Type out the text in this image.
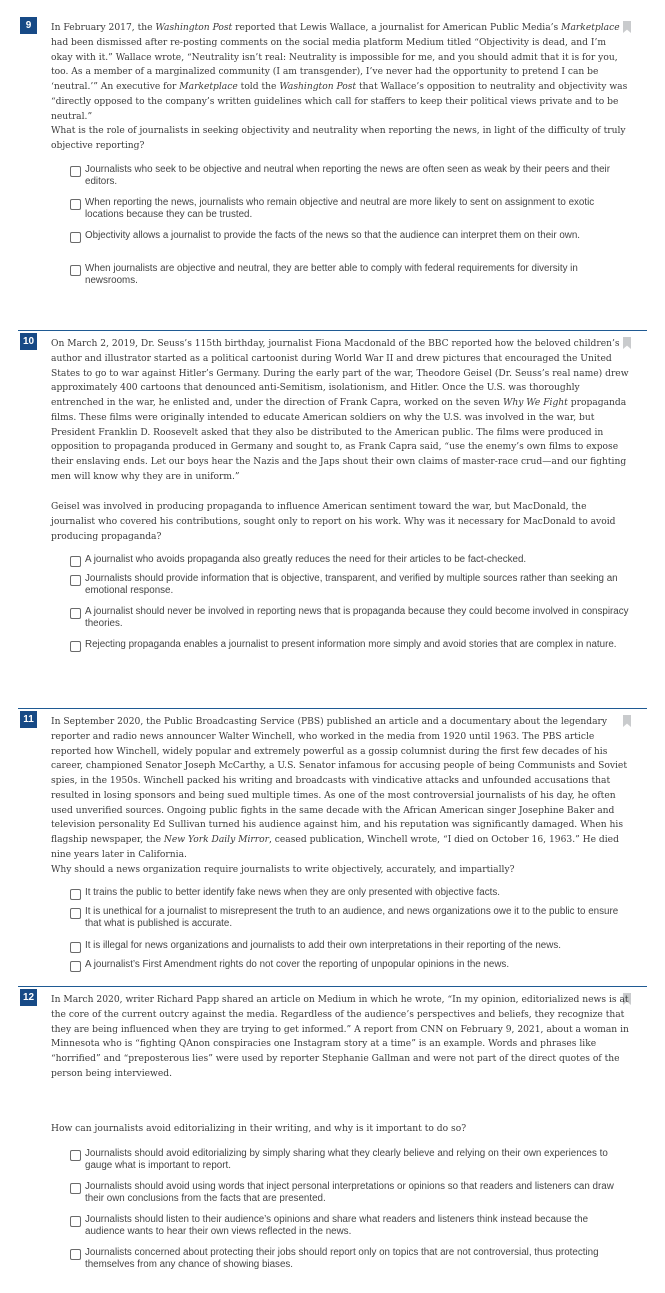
9	In February 2017, the Washington Post reported that Lewis Wallace, a journalist for American Public Media’s Marketplace had been dismissed after re-posting comments on the social media platform Medium titled “Objectivity is dead, and I’m okay with it.” Wallace wrote, “Neutrality isn’t real: Neutrality is impossible for me, and you should admit that it is for you, too. As a member of a marginalized community (I am transgender), I’ve never had the opportunity to pretend I can be ‘neutral.’” An executive for Marketplace told the Washington Post that Wallace’s opposition to neutrality and objectivity was “directly opposed to the company’s written guidelines which call for staffers to keep their political views private and to be neutral.”
What is the role of journalists in seeking objectivity and neutrality when reporting the news, in light of the difficulty of truly objective reporting?
Journalists who seek to be objective and neutral when reporting the news are often seen as weak by their peers and their editors.
When reporting the news, journalists who remain objective and neutral are more likely to sent on assignment to exotic locations because they can be trusted.
Objectivity allows a journalist to provide the facts of the news so that the audience can interpret them on their own.
When journalists are objective and neutral, they are better able to comply with federal requirements for diversity in newsrooms.
10	On March 2, 2019, Dr. Seuss’s 115th birthday, journalist Fiona Macdonald of the BBC reported how the beloved children’s author and illustrator started as a political cartoonist during World War II and drew pictures that encouraged the United States to go to war against Hitler’s Germany. During the early part of the war, Theodore Geisel (Dr. Seuss’s real name) drew approximately 400 cartoons that denounced anti-Semitism, isolationism, and Hitler. Once the U.S. was thoroughly entrenched in the war, he enlisted and, under the direction of Frank Capra, worked on the seven Why We Fight propaganda films. These films were originally intended to educate American soldiers on why the U.S. was involved in the war, but President Franklin D. Roosevelt asked that they also be distributed to the American public. The films were produced in opposition to propaganda produced in Germany and sought to, as Frank Capra said, “use the enemy’s own films to expose their enslaving ends. Let our boys hear the Nazis and the Japs shout their own claims of master-race crud—and our fighting men will know why they are in uniform.”
Geisel was involved in producing propaganda to influence American sentiment toward the war, but MacDonald, the journalist who covered his contributions, sought only to report on his work. Why was it necessary for MacDonald to avoid producing propaganda?
A journalist who avoids propaganda also greatly reduces the need for their articles to be fact-checked.
Journalists should provide information that is objective, transparent, and verified by multiple sources rather than seeking an emotional response.
A journalist should never be involved in reporting news that is propaganda because they could become involved in conspiracy theories.
Rejecting propaganda enables a journalist to present information more simply and avoid stories that are complex in nature.
11	In September 2020, the Public Broadcasting Service (PBS) published an article and a documentary about the legendary reporter and radio news announcer Walter Winchell, who worked in the media from 1920 until 1963. The PBS article reported how Winchell, widely popular and extremely powerful as a gossip columnist during the first few decades of his career, championed Senator Joseph McCarthy, a U.S. Senator infamous for accusing people of being Communists and Soviet spies, in the 1950s. Winchell packed his writing and broadcasts with vindicative attacks and unfounded accusations that resulted in losing sponsors and being sued multiple times. As one of the most controversial journalists of his day, he often used unverified sources. Ongoing public fights in the same decade with the African American singer Josephine Baker and television personality Ed Sullivan turned his audience against him, and his reputation was significantly damaged. When his flagship newspaper, the New York Daily Mirror, ceased publication, Winchell wrote, “I died on October 16, 1963.” He died nine years later in California.
Why should a news organization require journalists to write objectively, accurately, and impartially?
It trains the public to better identify fake news when they are only presented with objective facts.
It is unethical for a journalist to misrepresent the truth to an audience, and news organizations owe it to the public to ensure that what is published is accurate.
It is illegal for news organizations and journalists to add their own interpretations in their reporting of the news.
A journalist’s First Amendment rights do not cover the reporting of unpopular opinions in the news.
12	In March 2020, writer Richard Papp shared an article on Medium in which he wrote, “In my opinion, editorialized news is at the core of the current outcry against the media. Regardless of the audience’s perspectives and beliefs, they recognize that they are being influenced when they are trying to get informed.” A report from CNN on February 9, 2021, about a woman in Minnesota who is “fighting QAnon conspiracies one Instagram story at a time” is an example. Words and phrases like “horrified” and “preposterous lies” were used by reporter Stephanie Gallman and were not part of the direct quotes of the person being interviewed.
How can journalists avoid editorializing in their writing, and why is it important to do so?
Journalists should avoid editorializing by simply sharing what they clearly believe and relying on their own experiences to gauge what is important to report.
Journalists should avoid using words that inject personal interpretations or opinions so that readers and listeners can draw their own conclusions from the facts that are presented.
Journalists should listen to their audience’s opinions and share what readers and listeners think instead because the audience wants to hear their own views reflected in the news.
Journalists concerned about protecting their jobs should report only on topics that are not controversial, thus protecting themselves from any chance of showing biases.
